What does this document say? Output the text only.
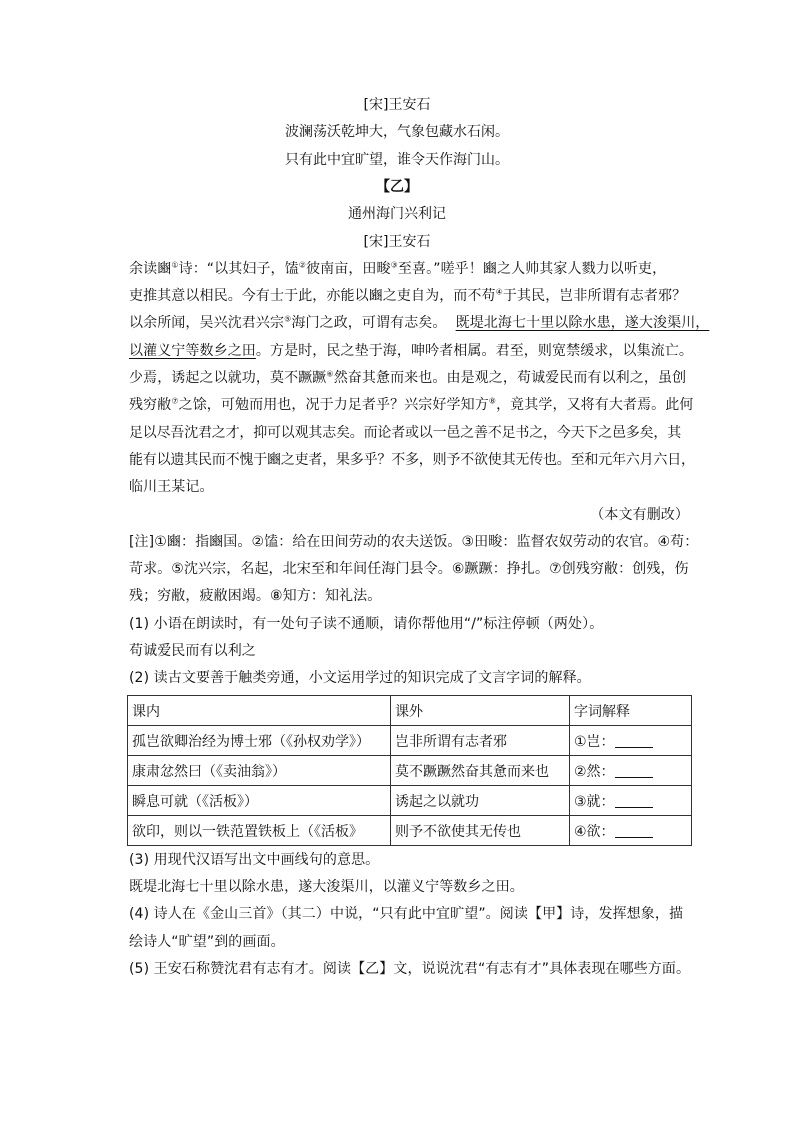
[宋]王安石
波澜荡沃乾坤大，气象包藏水石闲。
只有此中宜旷望，谁令天作海门山。
【乙】
通州海门兴利记
[宋]王安石
余读豳①诗：“以其妇子，馌②彼南亩，田畯③至喜。”嗟乎！豳之人帅其家人戮力以听吏，
吏推其意以相民。今有士于此，亦能以豳之吏自为，而不苟④于其民，岂非所谓有志者邪？
以余所闻，吴兴沈君兴宗⑤海门之政，可谓有志矣。 既堤北海七十里以除水患，遂大浚渠川，
以灌义宁等数乡之田。方是时，民之垫于海，呻吟者相属。君至，则宽禁缓求，以集流亡。
少焉，诱起之以就功，莫不蹶蹶⑥然奋其惫而来也。由是观之，苟诚爱民而有以利之，虽创
残穷敝⑦之馀，可勉而用也，况于力足者乎？兴宗好学知方⑧，竟其学，又将有大者焉。此何
足以尽吾沈君之才，抑可以观其志矣。而论者或以一邑之善不足书之，今天下之邑多矣，其
能有以遗其民而不愧于豳之吏者，果多乎？不多，则予不欲使其无传也。至和元年六月六日，
临川王某记。
（本文有删改）
[注]①豳：指豳国。②馌：给在田间劳动的农夫送饭。③田畯：监督农奴劳动的农官。④苟：
苛求。⑤沈兴宗，名起，北宋至和年间任海门县令。⑥蹶蹶：挣扎。⑦创残穷敝：创残，伤
残；穷敝，疲敝困竭。⑧知方：知礼法。
(1) 小语在朗读时，有一处句子读不通顺，请你帮他用“/”标注停顿（两处）。
苟诚爱民而有以利之
(2) 读古文要善于触类旁通，小文运用学过的知识完成了文言字词的解释。
课内	课外	字词解释
孤岂欲卿治经为博士邪（《孙权劝学》）	岂非所谓有志者邪	①岂：
康肃忿然曰（《卖油翁》）	莫不蹶蹶然奋其惫而来也	②然：
瞬息可就（《活板》）	诱起之以就功	③就：
欲印，则以一铁范置铁板上（《活板》	则予不欲使其无传也	④欲：
(3) 用现代汉语写出文中画线句的意思。
既堤北海七十里以除水患，遂大浚渠川，以灌义宁等数乡之田。
(4) 诗人在《金山三首》（其二）中说，“只有此中宜旷望”。阅读【甲】诗，发挥想象，描
绘诗人“旷望”到的画面。
(5) 王安石称赞沈君有志有才。阅读【乙】文，说说沈君“有志有才”具体表现在哪些方面。
